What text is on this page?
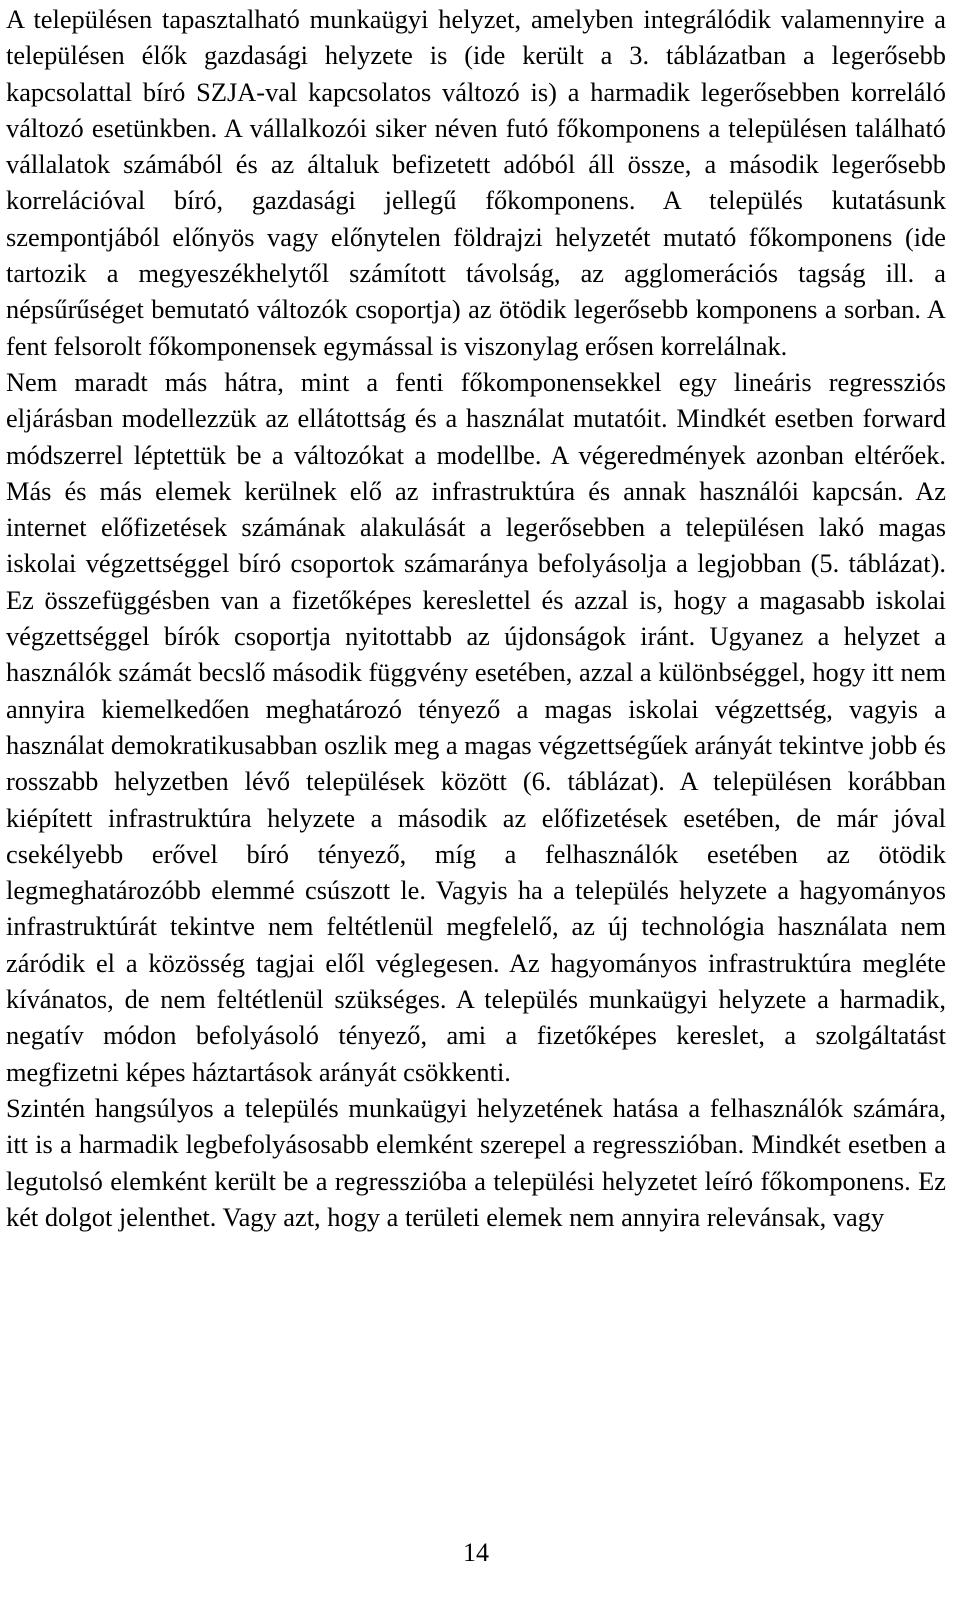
A településen tapasztalható munkaügyi helyzet, amelyben integrálódik valamennyire a településen élők gazdasági helyzete is (ide került a 3. táblázatban a legerősebb kapcsolattal bíró SZJA-val kapcsolatos változó is) a harmadik legerősebben korreláló változó esetünkben. A vállalkozói siker néven futó főkomponens a településen található vállalatok számából és az általuk befizetett adóból áll össze, a második legerősebb korrelációval bíró, gazdasági jellegű főkomponens. A település kutatásunk szempontjából előnyös vagy előnytelen földrajzi helyzetét mutató főkomponens (ide tartozik a megyeszékhelytől számított távolság, az agglomerációs tagság ill. a népsűrűséget bemutató változók csoportja) az ötödik legerősebb komponens a sorban. A fent felsorolt főkomponensek egymással is viszonylag erősen korrelálnak.
Nem maradt más hátra, mint a fenti főkomponensekkel egy lineáris regressziós eljárásban modellezzük az ellátottság és a használat mutatóit. Mindkét esetben forward módszerrel léptettük be a változókat a modellbe. A végeredmények azonban eltérőek. Más és más elemek kerülnek elő az infrastruktúra és annak használói kapcsán. Az internet előfizetések számának alakulását a legerősebben a településen lakó magas iskolai végzettséggel bíró csoportok számaránya befolyásolja a legjobban (5. táblázat). Ez összefüggésben van a fizetőképes kereslettel és azzal is, hogy a magasabb iskolai végzettséggel bírók csoportja nyitottabb az újdonságok iránt. Ugyanez a helyzet a használók számát becslő második függvény esetében, azzal a különbséggel, hogy itt nem annyira kiemelkedően meghatározó tényező a magas iskolai végzettség, vagyis a használat demokratikusabban oszlik meg a magas végzettségűek arányát tekintve jobb és rosszabb helyzetben lévő települések között (6. táblázat). A településen korábban kiépített infrastruktúra helyzete a második az előfizetések esetében, de már jóval csekélyebb erővel bíró tényező, míg a felhasználók esetében az ötödik legmeghatározóbb elemmé csúszott le. Vagyis ha a település helyzete a hagyományos infrastruktúrát tekintve nem feltétlenül megfelelő, az új technológia használata nem záródik el a közösség tagjai elől véglegesen. Az hagyományos infrastruktúra megléte kívánatos, de nem feltétlenül szükséges. A település munkaügyi helyzete a harmadik, negatív módon befolyásoló tényező, ami a fizetőképes kereslet, a szolgáltatást megfizetni képes háztartások arányát csökkenti.
Szintén hangsúlyos a település munkaügyi helyzetének hatása a felhasználók számára, itt is a harmadik legbefolyásosabb elemként szerepel a regresszióban. Mindkét esetben a legutolsó elemként került be a regresszióba a települési helyzetet leíró főkomponens. Ez két dolgot jelenthet. Vagy azt, hogy a területi elemek nem annyira relevánsak, vagy
14
